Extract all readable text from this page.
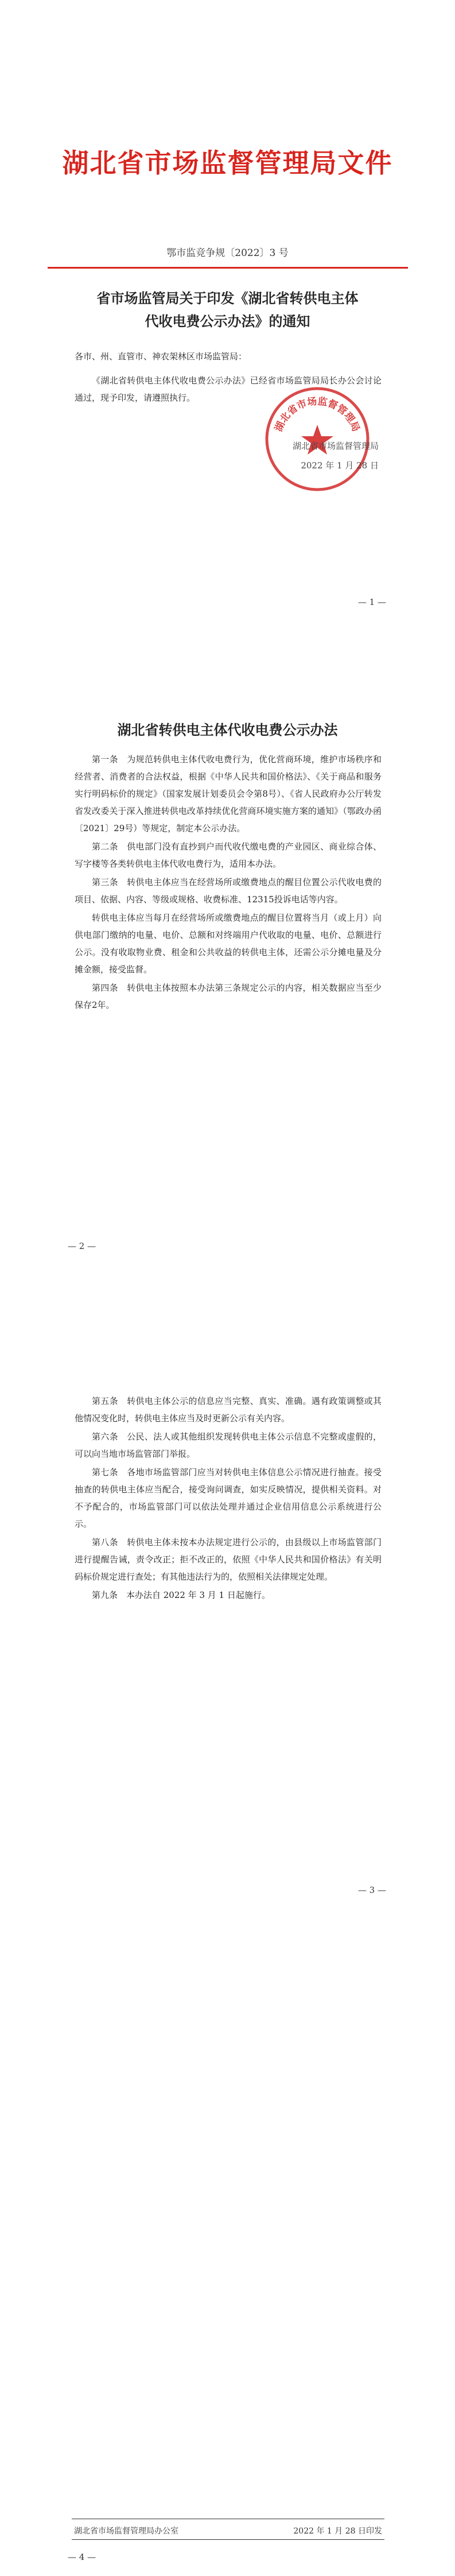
湖北省市场监督管理局文件
鄂市监竞争规〔2022〕3 号
省市场监管局关于印发《湖北省转供电主体
代收电费公示办法》的通知
各市、州、直管市、神农架林区市场监管局：

《湖北省转供电主体代收电费公示办法》已经省市场监管局局长办公会讨论通过，现予印发，请遵照执行。

湖北省市场监督管理局
湖北省市场监督管理局
2022 年 1 月 28 日
— 1 —
湖北省转供电主体代收电费公示办法

第一条　为规范转供电主体代收电费行为，优化营商环境，维护市场秩序和经营者、消费者的合法权益，根据《中华人民共和国价格法》、《关于商品和服务实行明码标价的规定》（国家发展计划委员会令第8号）、《省人民政府办公厅转发省发改委关于深入推进转供电改革持续优化营商环境实施方案的通知》（鄂政办函〔2021〕29号）等规定，制定本公示办法。

第二条　供电部门没有直抄到户而代收代缴电费的产业园区、商业综合体、写字楼等各类转供电主体代收电费行为，适用本办法。

第三条　转供电主体应当在经营场所或缴费地点的醒目位置公示代收电费的项目、依据、内容、等级或规格、收费标准、12315投诉电话等内容。

转供电主体应当每月在经营场所或缴费地点的醒目位置将当月（或上月）向供电部门缴纳的电量、电价、总额和对终端用户代收取的电量、电价、总额进行公示。没有收取物业费、租金和公共收益的转供电主体，还需公示分摊电量及分摊金额，接受监督。

第四条　转供电主体按照本办法第三条规定公示的内容，相关数据应当至少保存2年。

— 2 —

第五条　转供电主体公示的信息应当完整、真实、准确。遇有政策调整或其他情况变化时，转供电主体应当及时更新公示有关内容。

第六条　公民、法人或其他组织发现转供电主体公示信息不完整或虚假的，可以向当地市场监管部门举报。

第七条　各地市场监管部门应当对转供电主体信息公示情况进行抽查。接受抽查的转供电主体应当配合，接受询问调查，如实反映情况，提供相关资料。对不予配合的，市场监管部门可以依法处理并通过企业信用信息公示系统进行公示。

第八条　转供电主体未按本办法规定进行公示的，由县级以上市场监管部门进行提醒告诫，责令改正；拒不改正的，依照《中华人民共和国价格法》有关明码标价规定进行查处；有其他违法行为的，依照相关法律规定处理。

第九条　本办法自 2022 年 3 月 1 日起施行。

— 3 —
湖北省市场监督管理局办公室	2022 年 1 月 28 日印发
— 4 —
